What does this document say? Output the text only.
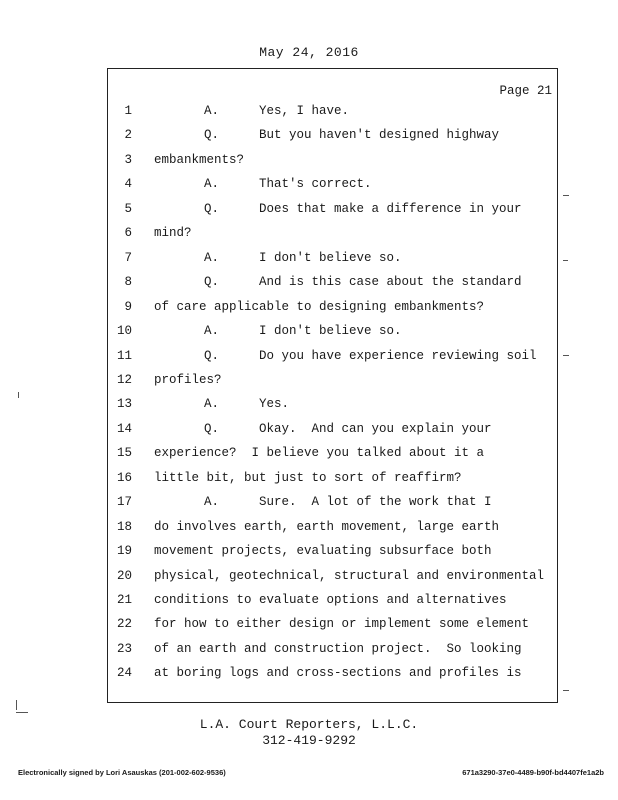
May 24, 2016
Page 21
1	A.	Yes, I have.
2	Q.	But you haven't designed highway
3 embankments?
4	A.	That's correct.
5	Q.	Does that make a difference in your
6 mind?
7	A.	I don't believe so.
8	Q.	And is this case about the standard
9 of care applicable to designing embankments?
10	A.	I don't believe so.
11	Q.	Do you have experience reviewing soil
12 profiles?
13	A.	Yes.
14	Q.	Okay.  And can you explain your
15 experience?  I believe you talked about it a
16 little bit, but just to sort of reaffirm?
17	A.	Sure.  A lot of the work that I
18 do involves earth, earth movement, large earth
19 movement projects, evaluating subsurface both
20 physical, geotechnical, structural and environmental
21 conditions to evaluate options and alternatives
22 for how to either design or implement some element
23 of an earth and construction project.  So looking
24 at boring logs and cross-sections and profiles is
L.A. Court Reporters, L.L.C.
312-419-9292
Electronically signed by Lori Asauskas (201-002-602-9536)	671a3290-37e0-4489-b90f-bd4407fe1a2b
